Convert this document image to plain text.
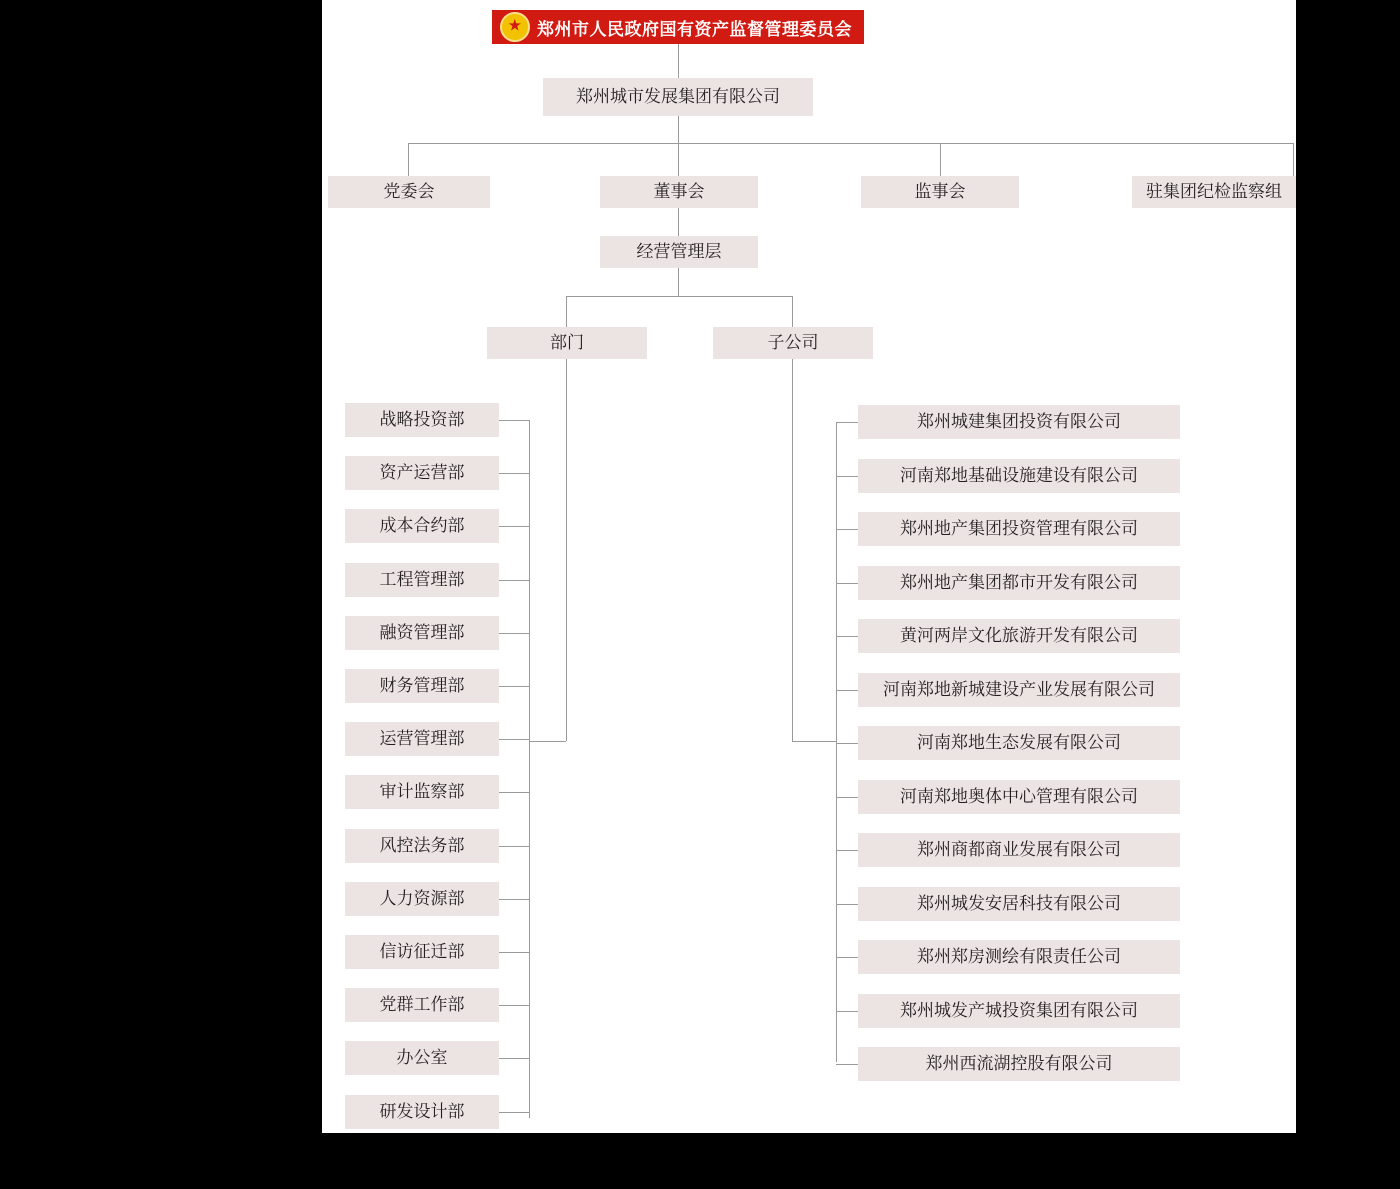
★
郑州市人民政府国有资产监督管理委员会
郑州城市发展集团有限公司
党委会	董事会	监事会	驻集团纪检监察组
经营管理层
部门	子公司
战略投资部
资产运营部
成本合约部
工程管理部
融资管理部
财务管理部
运营管理部
审计监察部
风控法务部
人力资源部
信访征迁部
党群工作部
办公室
研发设计部
郑州城建集团投资有限公司
河南郑地基础设施建设有限公司
郑州地产集团投资管理有限公司
郑州地产集团都市开发有限公司
黄河两岸文化旅游开发有限公司
河南郑地新城建设产业发展有限公司
河南郑地生态发展有限公司
河南郑地奥体中心管理有限公司
郑州商都商业发展有限公司
郑州城发安居科技有限公司
郑州郑房测绘有限责任公司
郑州城发产城投资集团有限公司
郑州西流湖控股有限公司
